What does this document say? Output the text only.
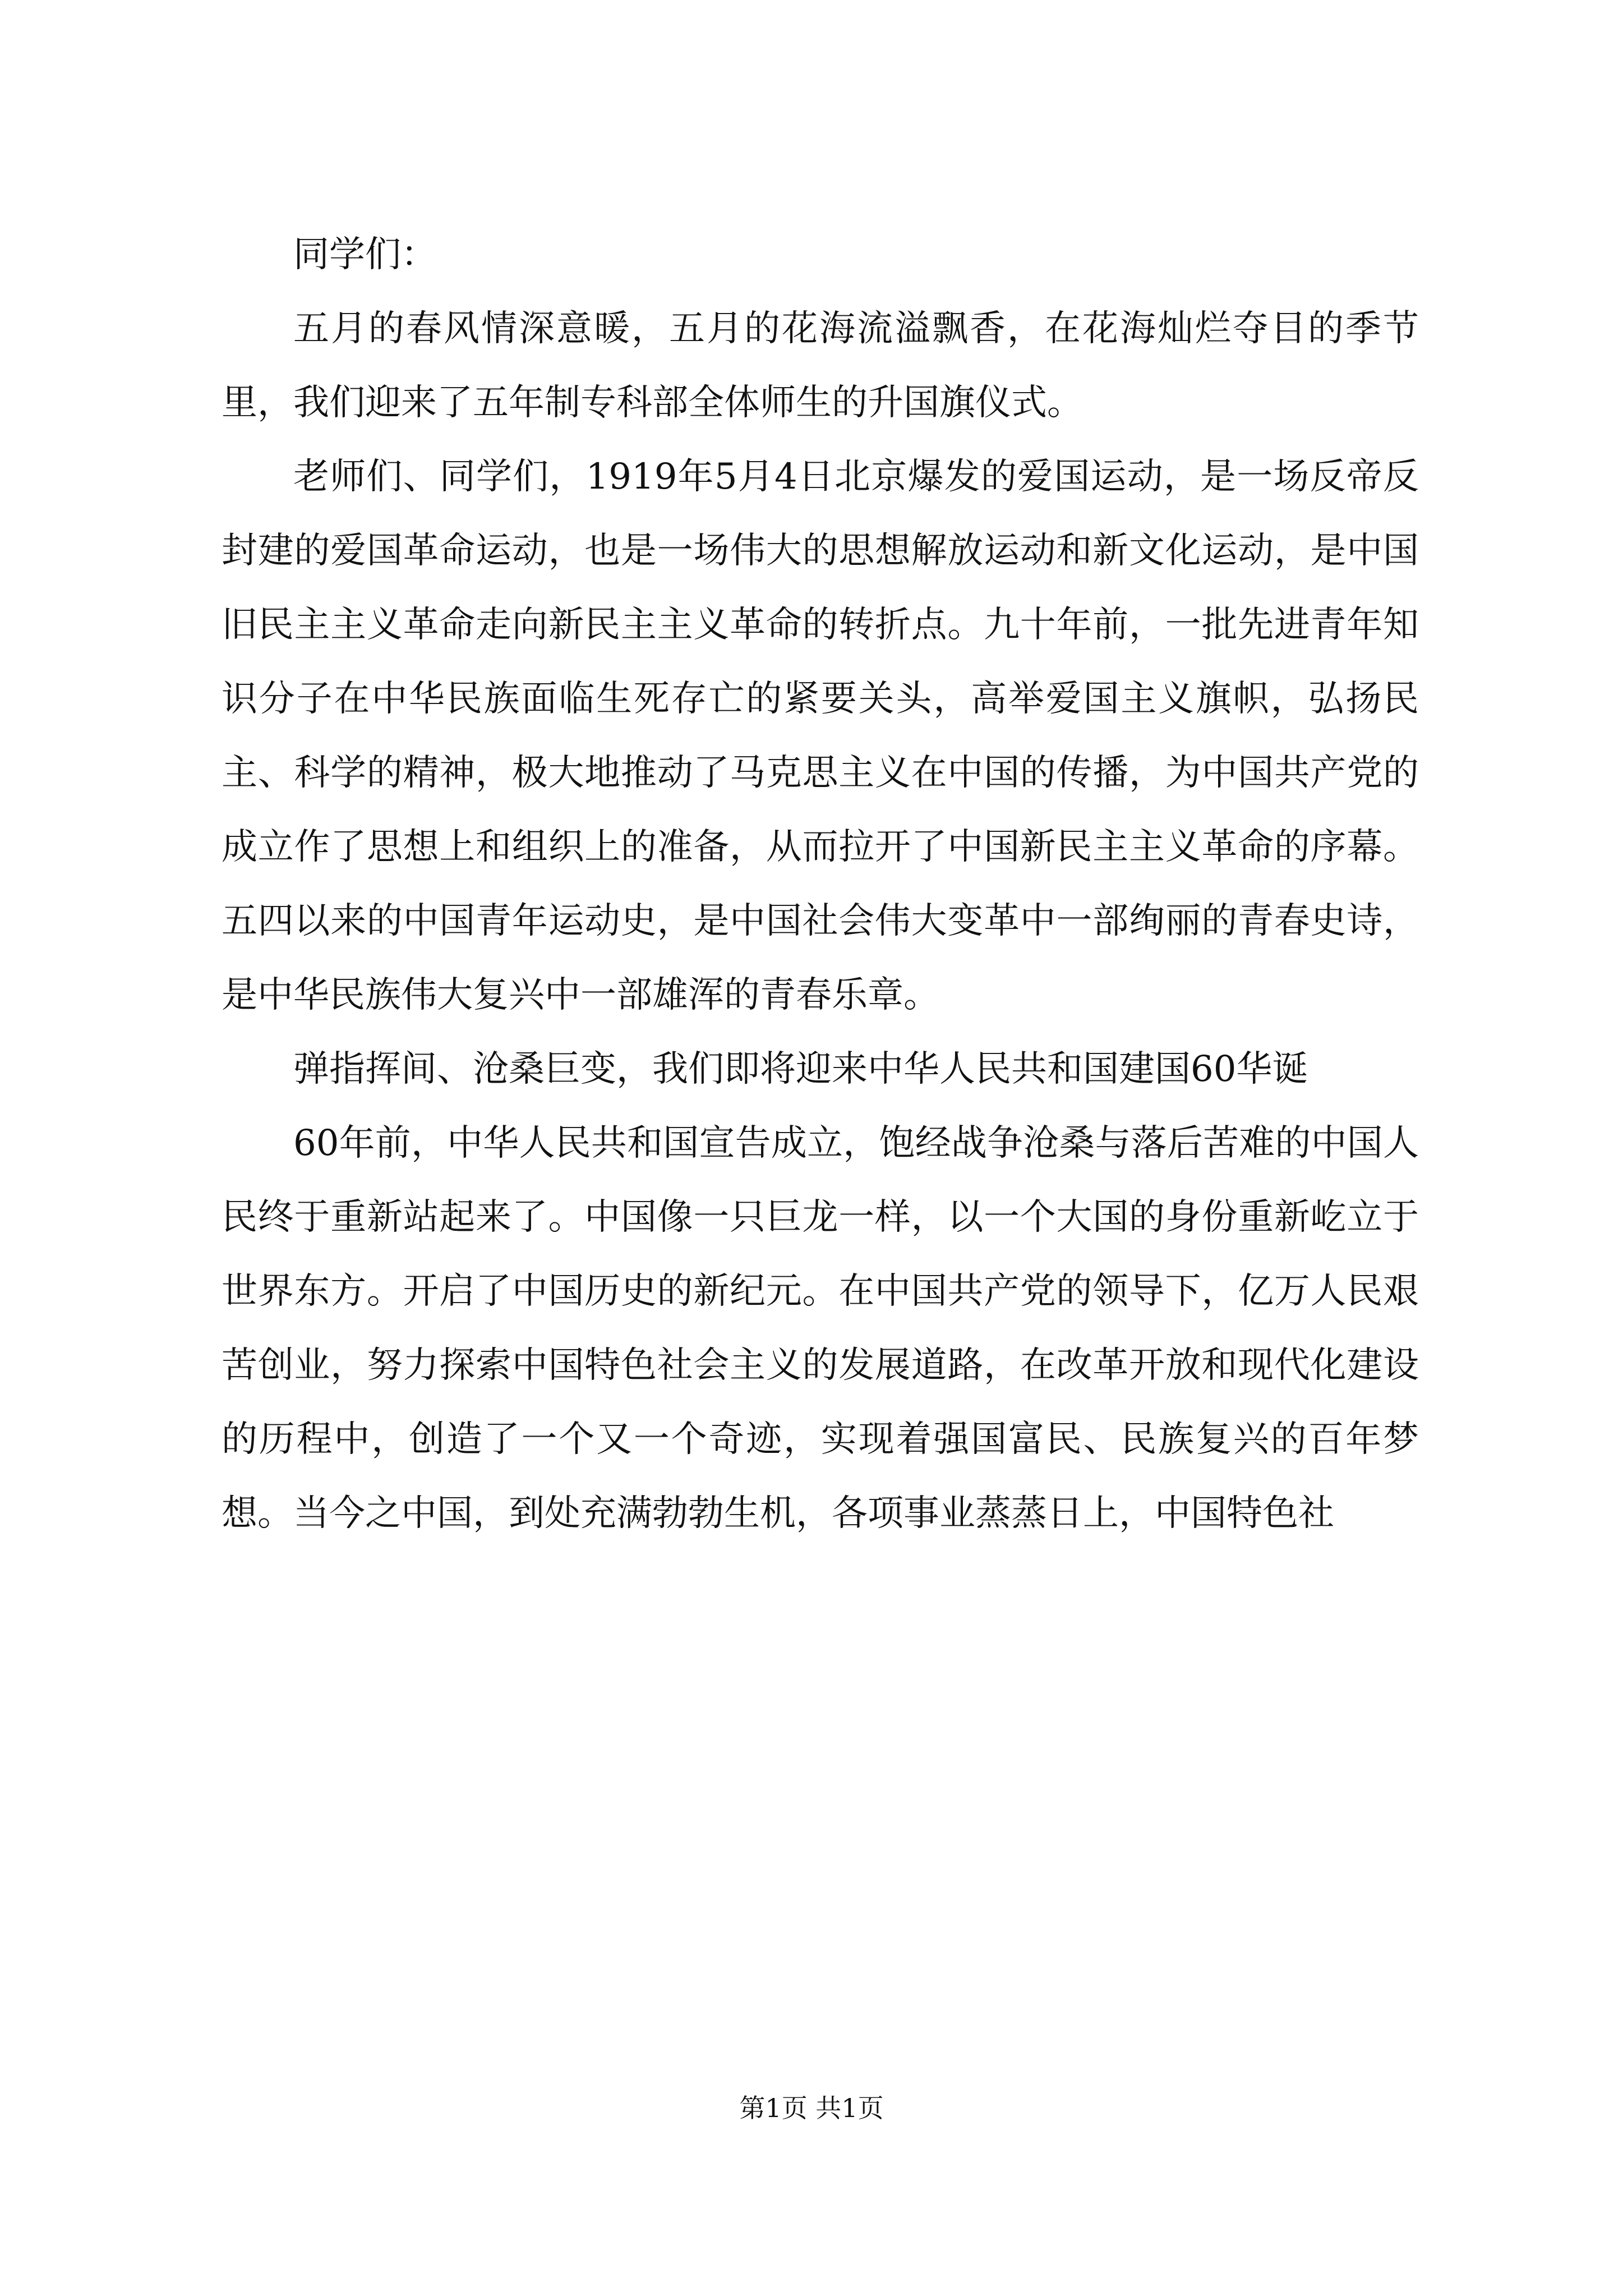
同学们：

五月的春风情深意暖，五月的花海流溢飘香，在花海灿烂夺目的季节里，我们迎来了五年制专科部全体师生的升国旗仪式。

老师们、同学们，1919年5月4日北京爆发的爱国运动，是一场反帝反封建的爱国革命运动，也是一场伟大的思想解放运动和新文化运动，是中国旧民主主义革命走向新民主主义革命的转折点。九十年前，一批先进青年知识分子在中华民族面临生死存亡的紧要关头，高举爱国主义旗帜，弘扬民主、科学的精神，极大地推动了马克思主义在中国的传播，为中国共产党的成立作了思想上和组织上的准备，从而拉开了中国新民主主义革命的序幕。五四以来的中国青年运动史，是中国社会伟大变革中一部绚丽的青春史诗，是中华民族伟大复兴中一部雄浑的青春乐章。

弹指挥间、沧桑巨变，我们即将迎来中华人民共和国建国60华诞

60年前，中华人民共和国宣告成立，饱经战争沧桑与落后苦难的中国人民终于重新站起来了。中国像一只巨龙一样，以一个大国的身份重新屹立于世界东方。开启了中国历史的新纪元。在中国共产党的领导下，亿万人民艰苦创业，努力探索中国特色社会主义的发展道路，在改革开放和现代化建设的历程中，创造了一个又一个奇迹，实现着强国富民、民族复兴的百年梦想。当今之中国，到处充满勃勃生机，各项事业蒸蒸日上，中国特色社

第1页 共1页
